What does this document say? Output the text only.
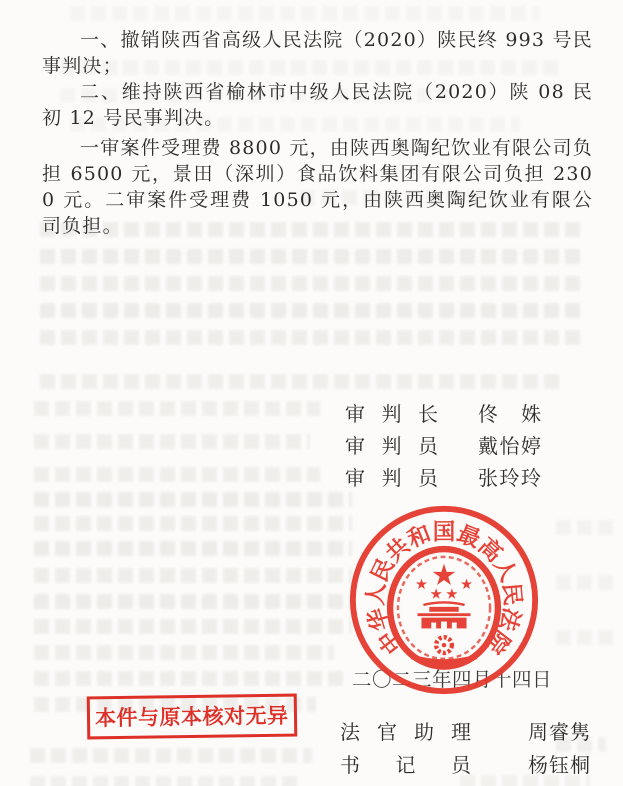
一、撤销陕西省高级人民法院（2020）陕民终 993 号民事判决；

二、维持陕西省榆林市中级人民法院（2020）陕 08 民初 12 号民事判决。

一审案件受理费 8800 元，由陕西奥陶纪饮业有限公司负担 6500 元，景田（深圳）食品饮料集团有限公司负担 2300 元。二审案件受理费 1050 元，由陕西奥陶纪饮业有限公司负担。

审判长 佟　姝
审判员 戴怡婷
审判员 张玲玲
二〇二三年四月十四日
中华人民共和国最高人民法院
本件与原本核对无异
法官助理	周睿隽
书记员	杨钰桐
